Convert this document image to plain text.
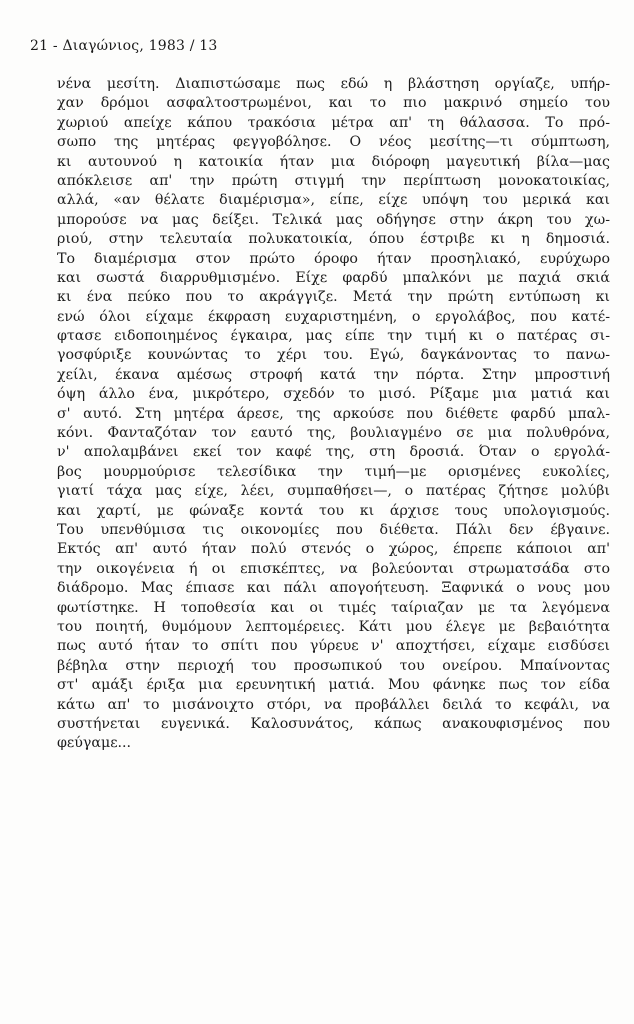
21 - Διαγώνιος, 1983 / 13
νένα μεσίτη. Διαπιστώσαμε πως εδώ η βλάστηση οργίαζε, υπήρ-
χαν δρόμοι ασφαλτοστρωμένοι, και το πιο μακρινό σημείο του
χωριού απείχε κάπου τρακόσια μέτρα απ' τη θάλασσα. Το πρό-
σωπο της μητέρας φεγγοβόλησε. Ο νέος μεσίτης—τι σύμπτωση,
κι αυτουνού η κατοικία ήταν μια διόροφη μαγευτική βίλα—μας
απόκλεισε απ' την πρώτη στιγμή την περίπτωση μονοκατοικίας,
αλλά, «αν θέλατε διαμέρισμα», είπε, είχε υπόψη του μερικά και
μπορούσε να μας δείξει. Τελικά μας οδήγησε στην άκρη του χω-
ριού, στην τελευταία πολυκατοικία, όπου έστριβε κι η δημοσιά.
Το διαμέρισμα στον πρώτο όροφο ήταν προσηλιακό, ευρύχωρο
και σωστά διαρρυθμισμένο. Είχε φαρδύ μπαλκόνι με παχιά σκιά
κι ένα πεύκο που το ακράγγιζε. Μετά την πρώτη εντύπωση κι
ενώ όλοι είχαμε έκφραση ευχαριστημένη, ο εργολάβος, που κατέ-
φτασε ειδοποιημένος έγκαιρα, μας είπε την τιμή κι ο πατέρας σι-
γοσφύριξε κουνώντας το χέρι του. Εγώ, δαγκάνοντας το πανω-
χείλι, έκανα αμέσως στροφή κατά την πόρτα. Στην μπροστινή
όψη άλλο ένα, μικρότερο, σχεδόν το μισό. Ρίξαμε μια ματιά και
σ' αυτό. Στη μητέρα άρεσε, της αρκούσε που διέθετε φαρδύ μπαλ-
κόνι. Φανταζόταν τον εαυτό της, βουλιαγμένο σε μια πολυθρόνα,
ν' απολαμβάνει εκεί τον καφέ της, στη δροσιά. Όταν ο εργολά-
βος μουρμούρισε τελεσίδικα την τιμή—με ορισμένες ευκολίες,
γιατί τάχα μας είχε, λέει, συμπαθήσει—, ο πατέρας ζήτησε μολύβι
και χαρτί, με φώναξε κοντά του κι άρχισε τους υπολογισμούς.
Του υπενθύμισα τις οικονομίες που διέθετα. Πάλι δεν έβγαινε.
Εκτός απ' αυτό ήταν πολύ στενός ο χώρος, έπρεπε κάποιοι απ'
την οικογένεια ή οι επισκέπτες, να βολεύονται στρωματσάδα στο
διάδρομο. Μας έπιασε και πάλι απογοήτευση. Ξαφνικά ο νους μου
φωτίστηκε. Η τοποθεσία και οι τιμές ταίριαζαν με τα λεγόμενα
του ποιητή, θυμόμουν λεπτομέρειες. Κάτι μου έλεγε με βεβαιότητα
πως αυτό ήταν το σπίτι που γύρευε ν' αποχτήσει, είχαμε εισδύσει
βέβηλα στην περιοχή του προσωπικού του ονείρου. Μπαίνοντας
στ' αμάξι έριξα μια ερευνητική ματιά. Μου φάνηκε πως τον είδα
κάτω απ' το μισάνοιχτο στόρι, να προβάλλει δειλά το κεφάλι, να
συστήνεται ευγενικά. Καλοσυνάτος, κάπως ανακουφισμένος που
φεύγαμε...
